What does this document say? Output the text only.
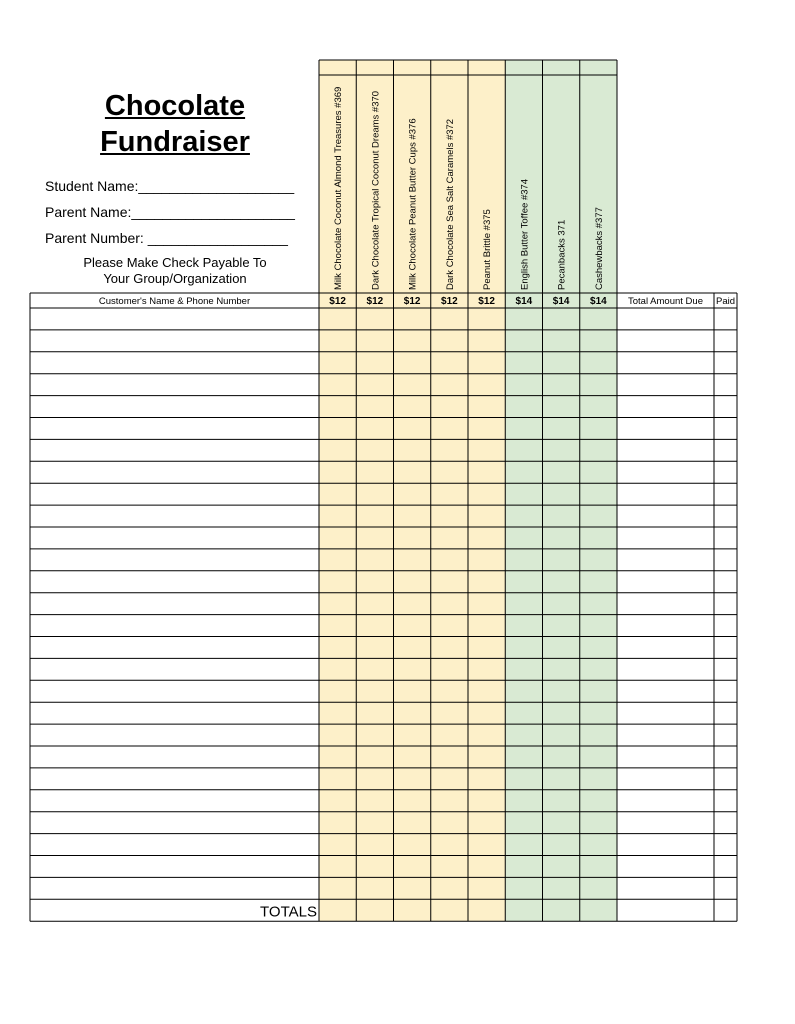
Chocolate
Fundraiser
Student Name:____________________
Parent Name:_____________________
Parent Number: __________________
Please Make Check Payable To
Your Group/Organization
Customer's Name & Phone Number	Total Amount Due Paid
Milk Chocolate Coconut Almond Treasures #369
$12
Dark Chocolate Tropical Coconut Dreams #370
$12
Milk Chocolate Peanut Butter Cups #376
$12
Dark Chocolate Sea Salt Caramels #372
$12
Peanut Brittle #375
$12
English Butter Toffee #374
$14
Pecanbacks 371
$14
Cashewbacks #377
$14
TOTALS
